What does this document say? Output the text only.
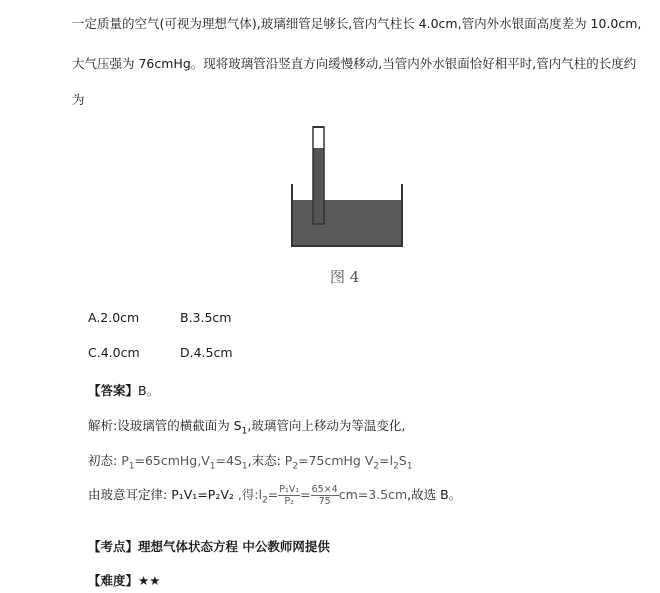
一定质量的空气(可视为理想气体),玻璃细管足够长,管内气柱长 4.0cm,管内外水银面高度差为 10.0cm,
大气压强为 76cmHg。现将玻璃管沿竖直方向缓慢移动,当管内外水银面恰好相平时,管内气柱的长度约
为
图 4
A.2.0cm	B.3.5cm
C.4.0cm	D.4.5cm
【答案】B。
解析:设玻璃管的横截面为 $S_1$,玻璃管向上移动为等温变化,
初态: $P_1=65cmHg,V_1=4S_1$,末态: $P_2=75cmHg$ $V_2=l_2S_1$
由玻意耳定律: P₁V₁=P₂V₂ ,得$:l_2= \frac{\text{P₁V₁}}{\text{P₂}} = \frac{65\times 4}{75} cm=3.5cm$,故选 B。
【考点】理想气体状态方程 中公教师网提供
【难度】★★
